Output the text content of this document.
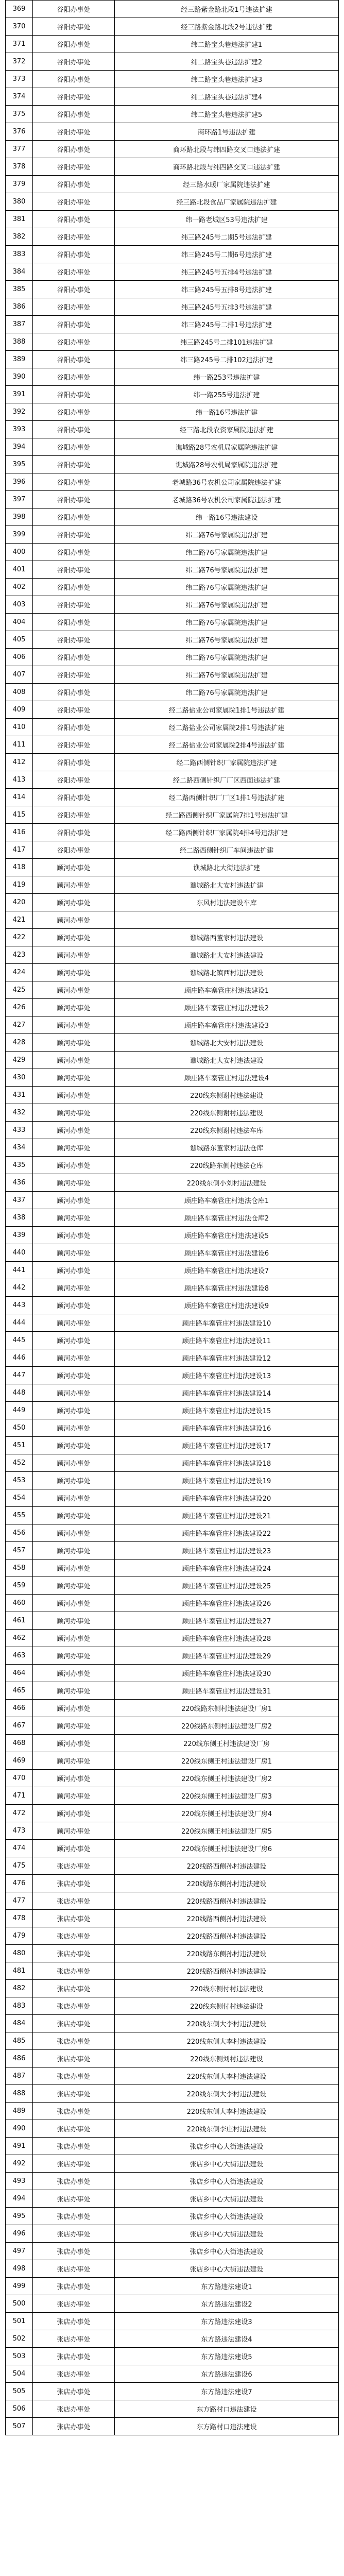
369	谷阳办事处	经三路紫金路北段1号违法扩建
370	谷阳办事处	经三路紫金路北段2号违法扩建
371	谷阳办事处	纬二路宝头巷违法扩建1
372	谷阳办事处	纬二路宝头巷违法扩建2
373	谷阳办事处	纬二路宝头巷违法扩建3
374	谷阳办事处	纬二路宝头巷违法扩建4
375	谷阳办事处	纬二路宝头巷违法扩建5
376	谷阳办事处	商环路1号违法扩建
377	谷阳办事处	商环路北段与纬四路交叉口违法扩建
378	谷阳办事处	商环路北段与纬四路交叉口违法扩建
379	谷阳办事处	经三路水暖厂家属院违法扩建
380	谷阳办事处	经三路北段食品厂家属院违法扩建
381	谷阳办事处	纬一路老城区53号违法扩建
382	谷阳办事处	纬三路245号二期5号违法扩建
383	谷阳办事处	纬三路245号二期6号违法扩建
384	谷阳办事处	纬三路245号五排4号违法扩建
385	谷阳办事处	纬三路245号五排8号违法扩建
386	谷阳办事处	纬三路245号五排3号违法扩建
387	谷阳办事处	纬三路245号二排1号违法扩建
388	谷阳办事处	纬三路245号二排101违法扩建
389	谷阳办事处	纬三路245号二排102违法扩建
390	谷阳办事处	纬一路253号违法扩建
391	谷阳办事处	纬一路255号违法扩建
392	谷阳办事处	纬一路16号违法扩建
393	谷阳办事处	经三路北段农资家属院违法扩建
394	谷阳办事处	谯城路28号农机局家属院违法扩建
395	谷阳办事处	谯城路28号农机局家属院违法扩建
396	谷阳办事处	老城路36号农机公司家属院违法扩建
397	谷阳办事处	老城路36号农机公司家属院违法扩建
398	谷阳办事处	纬一路16号违法建设
399	谷阳办事处	纬二路76号家属院违法扩建
400	谷阳办事处	纬二路76号家属院违法扩建
401	谷阳办事处	纬二路76号家属院违法扩建
402	谷阳办事处	纬二路76号家属院违法扩建
403	谷阳办事处	纬二路76号家属院违法扩建
404	谷阳办事处	纬二路76号家属院违法扩建
405	谷阳办事处	纬二路76号家属院违法扩建
406	谷阳办事处	纬二路76号家属院违法扩建
407	谷阳办事处	纬二路76号家属院违法扩建
408	谷阳办事处	纬二路76号家属院违法扩建
409	谷阳办事处	经二路盐业公司家属院1排1号违法扩建
410	谷阳办事处	经二路盐业公司家属院2排1号违法扩建
411	谷阳办事处	经二路盐业公司家属院2排4号违法扩建
412	谷阳办事处	经二路西侧针织厂家属院违法扩建
413	谷阳办事处	经二路西侧针织厂厂区西面违法扩建
414	谷阳办事处	经二路西侧针织厂厂区1排1号违法扩建
415	谷阳办事处	经二路西侧针织厂家属院7排1号违法扩建
416	谷阳办事处	经二路西侧针织厂家属院4排4号违法扩建
417	谷阳办事处	经二路西侧针织厂车间违法扩建
418	顾河办事处	谯城路北大街违法扩建
419	顾河办事处	谯城路北大安村违法扩建
420	顾河办事处	东风村违法建设车库
421	顾河办事处	
422	顾河办事处	谯城路西董家村违法建设
423	顾河办事处	谯城路北大安村违法建设
424	顾河办事处	谯城路北镇西村违法建设
425	顾河办事处	顾庄路车寨管庄村违法建设1
426	顾河办事处	顾庄路车寨管庄村违法建设2
427	顾河办事处	顾庄路车寨管庄村违法建设3
428	顾河办事处	谯城路北大安村违法建设
429	顾河办事处	谯城路北大安村违法建设
430	顾河办事处	顾庄路车寨管庄村违法建设4
431	顾河办事处	220线东侧谢村违法建设
432	顾河办事处	220线东侧谢村违法建设
433	顾河办事处	220线东侧谢村违法车库
434	顾河办事处	谯城路东董家村违法仓库
435	顾河办事处	220线路东侧村违法仓库
436	顾河办事处	220线东侧小刘村违法建设
437	顾河办事处	顾庄路车寨管庄村违法仓库1
438	顾河办事处	顾庄路车寨管庄村违法仓库2
439	顾河办事处	顾庄路车寨管庄村违法建设5
440	顾河办事处	顾庄路车寨管庄村违法建设6
441	顾河办事处	顾庄路车寨管庄村违法建设7
442	顾河办事处	顾庄路车寨管庄村违法建设8
443	顾河办事处	顾庄路车寨管庄村违法建设9
444	顾河办事处	顾庄路车寨管庄村违法建设10
445	顾河办事处	顾庄路车寨管庄村违法建设11
446	顾河办事处	顾庄路车寨管庄村违法建设12
447	顾河办事处	顾庄路车寨管庄村违法建设13
448	顾河办事处	顾庄路车寨管庄村违法建设14
449	顾河办事处	顾庄路车寨管庄村违法建设15
450	顾河办事处	顾庄路车寨管庄村违法建设16
451	顾河办事处	顾庄路车寨管庄村违法建设17
452	顾河办事处	顾庄路车寨管庄村违法建设18
453	顾河办事处	顾庄路车寨管庄村违法建设19
454	顾河办事处	顾庄路车寨管庄村违法建设20
455	顾河办事处	顾庄路车寨管庄村违法建设21
456	顾河办事处	顾庄路车寨管庄村违法建设22
457	顾河办事处	顾庄路车寨管庄村违法建设23
458	顾河办事处	顾庄路车寨管庄村违法建设24
459	顾河办事处	顾庄路车寨管庄村违法建设25
460	顾河办事处	顾庄路车寨管庄村违法建设26
461	顾河办事处	顾庄路车寨管庄村违法建设27
462	顾河办事处	顾庄路车寨管庄村违法建设28
463	顾河办事处	顾庄路车寨管庄村违法建设29
464	顾河办事处	顾庄路车寨管庄村违法建设30
465	顾河办事处	顾庄路车寨管庄村违法建设31
466	顾河办事处	220线路东侧村违法建设厂房1
467	顾河办事处	220线路东侧村违法建设厂房2
468	顾河办事处	220线东侧王村违法建设厂房
469	顾河办事处	220线东侧王村违法建设厂房1
470	顾河办事处	220线东侧王村违法建设厂房2
471	顾河办事处	220线东侧王村违法建设厂房3
472	顾河办事处	220线东侧王村违法建设厂房4
473	顾河办事处	220线东侧王村违法建设厂房5
474	顾河办事处	220线东侧王村违法建设厂房6
475	张店办事处	220线路西侧孙村违法建设
476	张店办事处	220线路东侧孙村违法建设
477	张店办事处	220线路西侧孙村违法建设
478	张店办事处	220线路西侧孙村违法建设
479	张店办事处	220线路西侧孙村违法建设
480	张店办事处	220线路东侧孙村违法建设
481	张店办事处	220线路西侧孙村违法建设
482	张店办事处	220线东侧付村违法建设
483	张店办事处	220线东侧付村违法建设
484	张店办事处	220线东侧大李村违法建设
485	张店办事处	220线东侧大李村违法建设
486	张店办事处	220线东侧刘村违法建设
487	张店办事处	220线东侧大李村违法建设
488	张店办事处	220线东侧大李村违法建设
489	张店办事处	220线东侧大李村违法建设
490	张店办事处	220线东侧李庄村违法建设
491	张店办事处	张店乡中心大街违法建设
492	张店办事处	张店乡中心大街违法建设
493	张店办事处	张店乡中心大街违法建设
494	张店办事处	张店乡中心大街违法建设
495	张店办事处	张店乡中心大街违法建设
496	张店办事处	张店乡中心大街违法建设
497	张店办事处	张店乡中心大街违法建设
498	张店办事处	张店乡中心大街违法建设
499	张店办事处	东方路违法建设1
500	张店办事处	东方路违法建设2
501	张店办事处	东方路违法建设3
502	张店办事处	东方路违法建设4
503	张店办事处	东方路违法建设5
504	张店办事处	东方路违法建设6
505	张店办事处	东方路违法建设7
506	张店办事处	东方路村口违法建设
507	张店办事处	东方路村口违法建设
